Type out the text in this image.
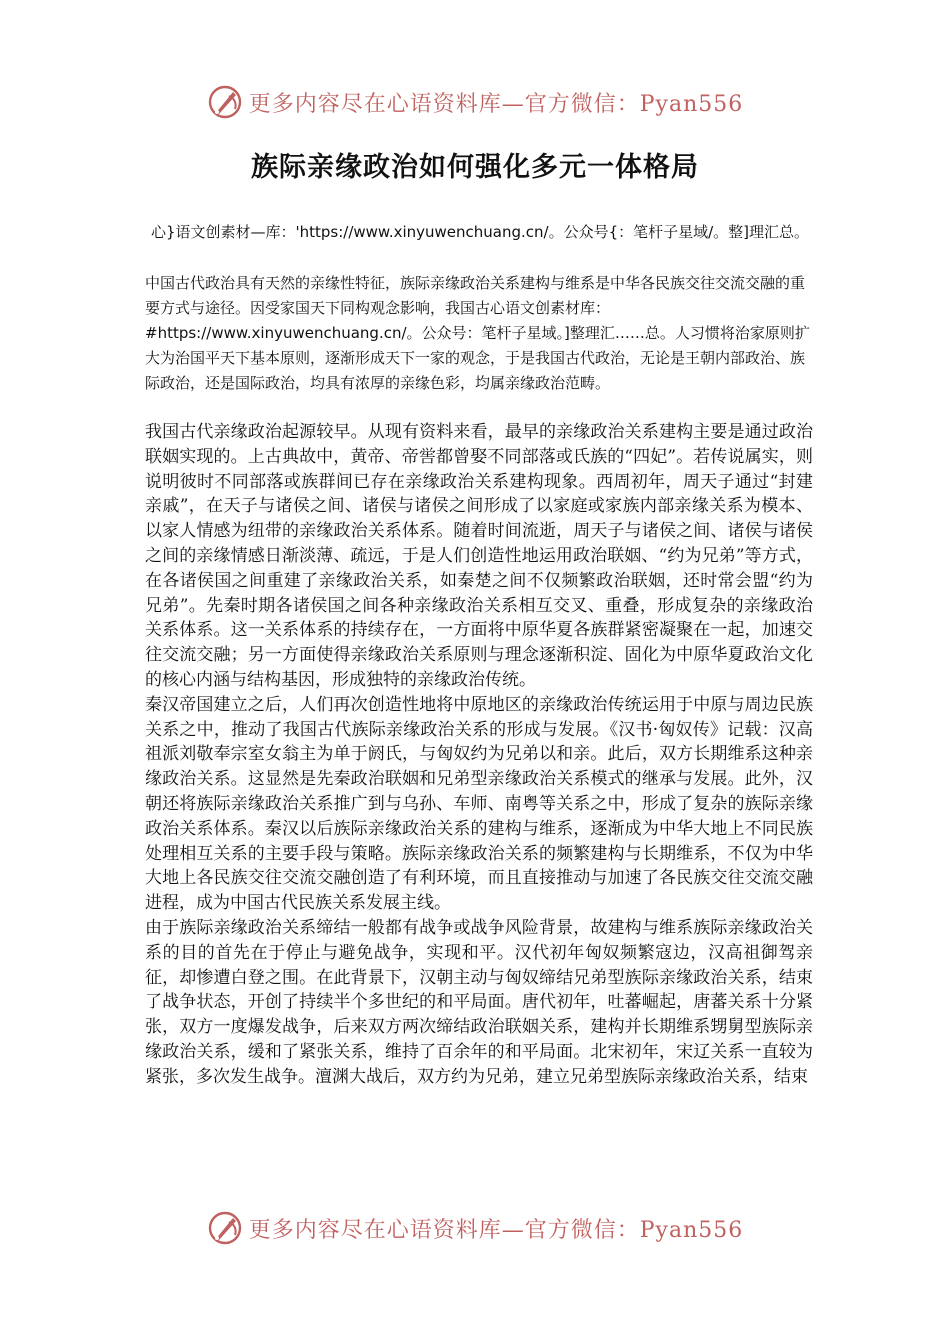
更多内容尽在心语资料库—官方微信：Pyan556
族际亲缘政治如何强化多元一体格局
心}语文创素材—库：'https://www.xinyuwenchuang.cn/。公众号{：笔杆子星域/。整]理汇总。

中国古代政治具有天然的亲缘性特征，族际亲缘政治关系建构与维系是中华各民族交往交流交融的重要方式与途径。因受家国天下同构观念影响，我国古心语文创素材库：#https://www.xinyuwenchuang.cn/。公众号：笔杆子星域。]整理汇……总。人习惯将治家原则扩大为治国平天下基本原则，逐渐形成天下一家的观念，于是我国古代政治，无论是王朝内部政治、族际政治，还是国际政治，均具有浓厚的亲缘色彩，均属亲缘政治范畴。

我国古代亲缘政治起源较早。从现有资料来看，最早的亲缘政治关系建构主要是通过政治联姻实现的。上古典故中，黄帝、帝喾都曾娶不同部落或氏族的“四妃”。若传说属实，则说明彼时不同部落或族群间已存在亲缘政治关系建构现象。西周初年，周天子通过“封建亲戚”，在天子与诸侯之间、诸侯与诸侯之间形成了以家庭或家族内部亲缘关系为模本、以家人情感为纽带的亲缘政治关系体系。随着时间流逝，周天子与诸侯之间、诸侯与诸侯之间的亲缘情感日渐淡薄、疏远，于是人们创造性地运用政治联姻、“约为兄弟”等方式，在各诸侯国之间重建了亲缘政治关系，如秦楚之间不仅频繁政治联姻，还时常会盟“约为兄弟”。先秦时期各诸侯国之间各种亲缘政治关系相互交叉、重叠，形成复杂的亲缘政治关系体系。这一关系体系的持续存在，一方面将中原华夏各族群紧密凝聚在一起，加速交往交流交融；另一方面使得亲缘政治关系原则与理念逐渐积淀、固化为中原华夏政治文化的核心内涵与结构基因，形成独特的亲缘政治传统。

秦汉帝国建立之后，人们再次创造性地将中原地区的亲缘政治传统运用于中原与周边民族关系之中，推动了我国古代族际亲缘政治关系的形成与发展。《汉书·匈奴传》记载：汉高祖派刘敬奉宗室女翁主为单于阏氏，与匈奴约为兄弟以和亲。此后，双方长期维系这种亲缘政治关系。这显然是先秦政治联姻和兄弟型亲缘政治关系模式的继承与发展。此外，汉朝还将族际亲缘政治关系推广到与乌孙、车师、南粤等关系之中，形成了复杂的族际亲缘政治关系体系。秦汉以后族际亲缘政治关系的建构与维系，逐渐成为中华大地上不同民族处理相互关系的主要手段与策略。族际亲缘政治关系的频繁建构与长期维系，不仅为中华大地上各民族交往交流交融创造了有利环境，而且直接推动与加速了各民族交往交流交融进程，成为中国古代民族关系发展主线。

由于族际亲缘政治关系缔结一般都有战争或战争风险背景，故建构与维系族际亲缘政治关系的目的首先在于停止与避免战争，实现和平。汉代初年匈奴频繁寇边，汉高祖御驾亲征，却惨遭白登之围。在此背景下，汉朝主动与匈奴缔结兄弟型族际亲缘政治关系，结束了战争状态，开创了持续半个多世纪的和平局面。唐代初年，吐蕃崛起，唐蕃关系十分紧张，双方一度爆发战争，后来双方两次缔结政治联姻关系，建构并长期维系甥舅型族际亲缘政治关系，缓和了紧张关系，维持了百余年的和平局面。北宋初年，宋辽关系一直较为紧张，多次发生战争。澶渊大战后，双方约为兄弟，建立兄弟型族际亲缘政治关系，结束

更多内容尽在心语资料库—官方微信：Pyan556
